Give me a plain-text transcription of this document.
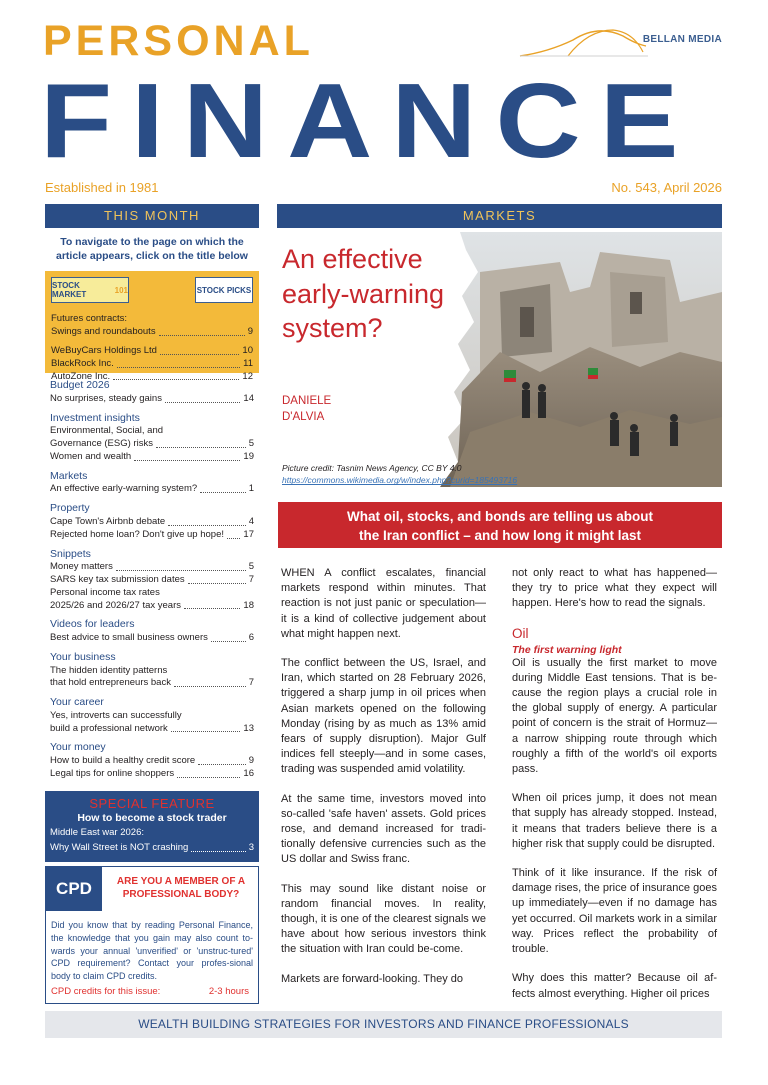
PERSONAL
FINANCE
BELLAN MEDIA
Established in 1981	No. 543, April 2026
THIS MONTH
To navigate to the page on which the article appears, click on the title below
STOCK MARKET
	101	STOCK
PICKS
Futures contracts:
Swings and roundabouts	9
WeBuyCars Holdings Ltd	10
BlackRock Inc.	11
AutoZone Inc.	12
Budget 2026
No surprises, steady gains	14
Investment insights
Environmental, Social, and
Governance (ESG) risks	5
Women and wealth	19
Markets
An effective early-warning system?	1
Property
Cape Town's Airbnb debate	4
Rejected home loan? Don't give up hope! 17
Snippets
Money matters	5
SARS key tax submission dates	7
Personal income tax rates
2025/26 and 2026/27 tax years	18
Videos for leaders
Best advice to small business owners	6
Your business
The hidden identity patterns
that hold entrepreneurs back	7
Your career
Yes, introverts can successfully
build a professional network	13
Your money
How to build a healthy credit score	9
Legal tips for online shoppers	16
SPECIAL FEATURE
How to become a stock trader
Middle East war 2026:
Why Wall Street is NOT crashing	3
CPD	ARE YOU A MEMBER OF A PROFESSIONAL BODY?
Did you know that by reading Personal Finance, the knowledge that you gain may also count to-wards your annual 'unverified' or 'unstruc-tured' CPD requirement? Contact your profes-sional body to claim CPD credits.
CPD credits for this issue:	2-3 hours
MARKETS
An effective early-warning system?
DANIELE
D'ALVIA
Picture credit: Tasnim News Agency, CC BY 4.0
https://commons.wikimedia.org/w/index.php?curid=185493716
What oil, stocks, and bonds are telling us about
the Iran conflict – and how long it might last

WHEN A conflict escalates, financial markets respond within minutes. That reaction is not just panic or speculation—it is a kind of collective judgement about what might happen next.

The conflict between the US, Israel, and Iran, which started on 28 February 2026, triggered a sharp jump in oil prices when Asian markets opened on the following Monday (rising by as much as 13% amid fears of supply disruption). Major Gulf indices fell steeply—and in some cases, trading was suspended amid volatility.

At the same time, investors moved into so-called 'safe haven' assets. Gold prices rose, and demand increased for tradi-tionally defensive currencies such as the US dollar and Swiss franc.

This may sound like distant noise or random financial moves. In reality, though, it is one of the clearest signals we have about how serious investors think the situation with Iran could be-come.

Markets are forward-looking. They do

not only react to what has happened—they try to price what they expect will happen. Here's how to read the signals.

Oil
The first warning light

Oil is usually the first market to move during Middle East tensions. That is be-cause the region plays a crucial role in the global supply of energy. A particular point of concern is the strait of Hormuz—a narrow shipping route through which roughly a fifth of the world's oil exports pass.

When oil prices jump, it does not mean that supply has already stopped. Instead, it means that traders believe there is a higher risk that supply could be disrupted.

Think of it like insurance. If the risk of damage rises, the price of insurance goes up immediately—even if no damage has yet occurred. Oil markets work in a similar way. Prices reflect the probability of trouble.

Why does this matter? Because oil af-fects almost everything. Higher oil prices

WEALTH BUILDING STRATEGIES FOR INVESTORS AND FINANCE PROFESSIONALS
